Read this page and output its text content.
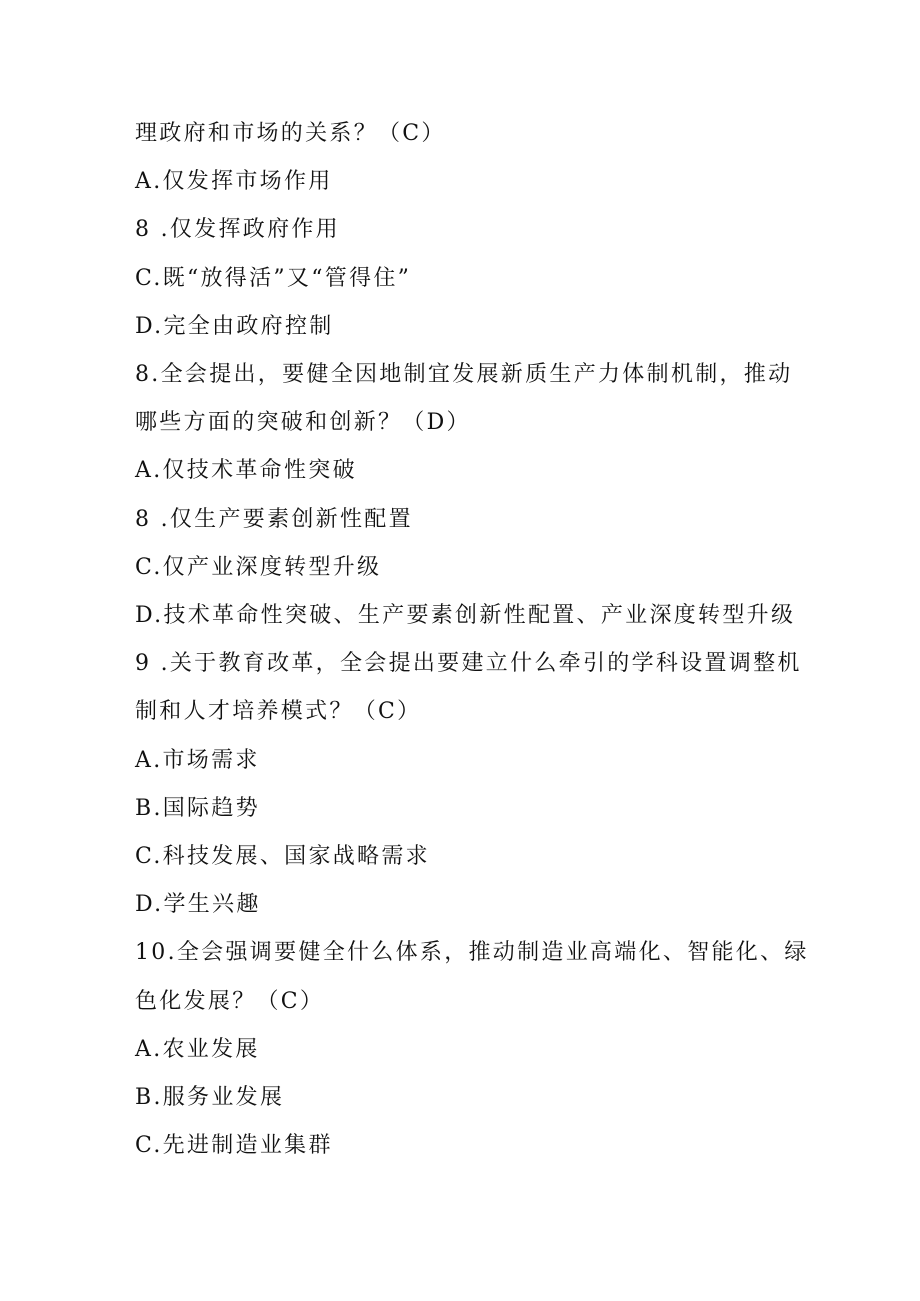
理政府和市场的关系？（C）

A.仅发挥市场作用

8 .仅发挥政府作用

C.既“放得活”又“管得住”

D.完全由政府控制

8.全会提出，要健全因地制宜发展新质生产力体制机制，推动

哪些方面的突破和创新？（D）

A.仅技术革命性突破

8 .仅生产要素创新性配置

C.仅产业深度转型升级

D.技术革命性突破、生产要素创新性配置、产业深度转型升级

9 .关于教育改革，全会提出要建立什么牵引的学科设置调整机

制和人才培养模式？（C）

A.市场需求

B.国际趋势

C.科技发展、国家战略需求

D.学生兴趣

10.全会强调要健全什么体系，推动制造业高端化、智能化、绿

色化发展？（C）

A.农业发展

B.服务业发展

C.先进制造业集群
